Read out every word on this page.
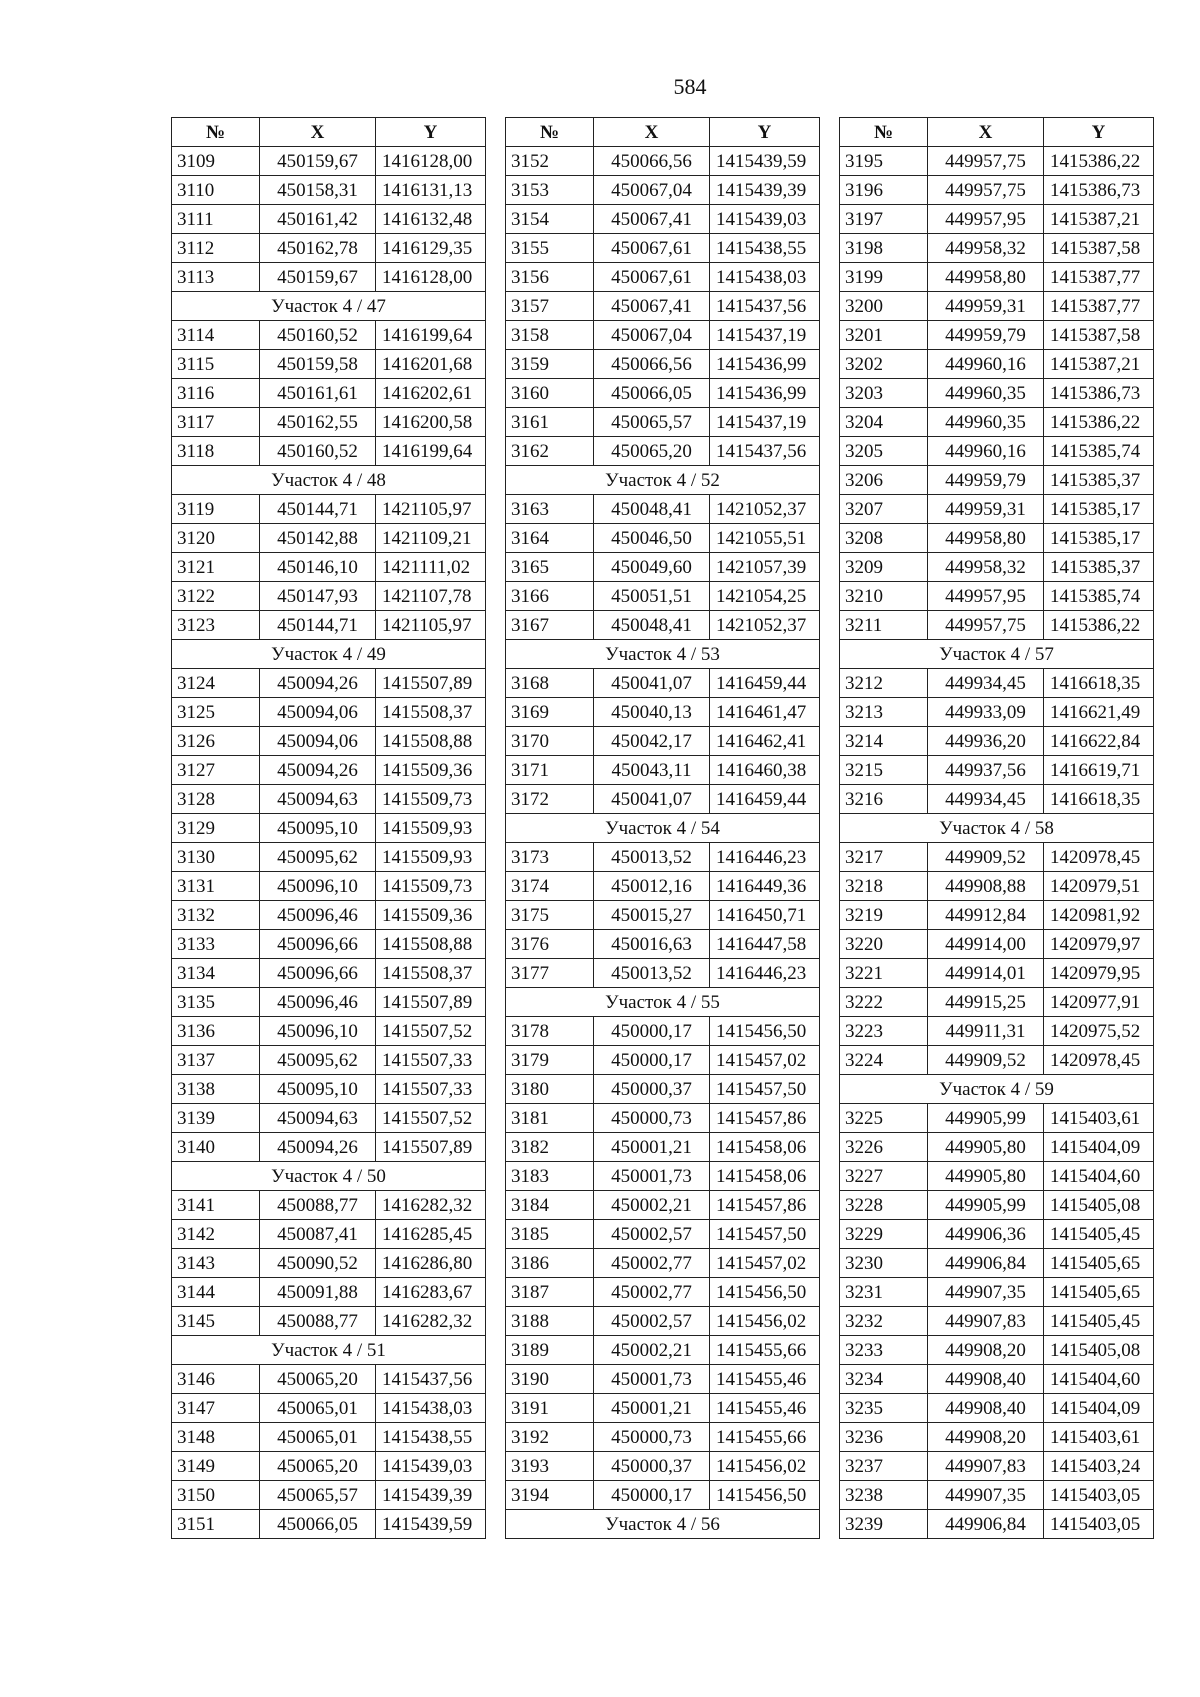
584
№	X	Y
3109	450159,67	1416128,00
3110	450158,31	1416131,13
3111	450161,42	1416132,48
3112	450162,78	1416129,35
3113	450159,67	1416128,00
Участок 4 / 47		
3114	450160,52	1416199,64
3115	450159,58	1416201,68
3116	450161,61	1416202,61
3117	450162,55	1416200,58
3118	450160,52	1416199,64
Участок 4 / 48		
3119	450144,71	1421105,97
3120	450142,88	1421109,21
3121	450146,10	1421111,02
3122	450147,93	1421107,78
3123	450144,71	1421105,97
Участок 4 / 49		
3124	450094,26	1415507,89
3125	450094,06	1415508,37
3126	450094,06	1415508,88
3127	450094,26	1415509,36
3128	450094,63	1415509,73
3129	450095,10	1415509,93
3130	450095,62	1415509,93
3131	450096,10	1415509,73
3132	450096,46	1415509,36
3133	450096,66	1415508,88
3134	450096,66	1415508,37
3135	450096,46	1415507,89
3136	450096,10	1415507,52
3137	450095,62	1415507,33
3138	450095,10	1415507,33
3139	450094,63	1415507,52
3140	450094,26	1415507,89
Участок 4 / 50		
3141	450088,77	1416282,32
3142	450087,41	1416285,45
3143	450090,52	1416286,80
3144	450091,88	1416283,67
3145	450088,77	1416282,32
Участок 4 / 51		
3146	450065,20	1415437,56
3147	450065,01	1415438,03
3148	450065,01	1415438,55
3149	450065,20	1415439,03
3150	450065,57	1415439,39
3151	450066,05	1415439,59
№	X	Y
3152	450066,56	1415439,59
3153	450067,04	1415439,39
3154	450067,41	1415439,03
3155	450067,61	1415438,55
3156	450067,61	1415438,03
3157	450067,41	1415437,56
3158	450067,04	1415437,19
3159	450066,56	1415436,99
3160	450066,05	1415436,99
3161	450065,57	1415437,19
3162	450065,20	1415437,56
Участок 4 / 52		
3163	450048,41	1421052,37
3164	450046,50	1421055,51
3165	450049,60	1421057,39
3166	450051,51	1421054,25
3167	450048,41	1421052,37
Участок 4 / 53		
3168	450041,07	1416459,44
3169	450040,13	1416461,47
3170	450042,17	1416462,41
3171	450043,11	1416460,38
3172	450041,07	1416459,44
Участок 4 / 54		
3173	450013,52	1416446,23
3174	450012,16	1416449,36
3175	450015,27	1416450,71
3176	450016,63	1416447,58
3177	450013,52	1416446,23
Участок 4 / 55		
3178	450000,17	1415456,50
3179	450000,17	1415457,02
3180	450000,37	1415457,50
3181	450000,73	1415457,86
3182	450001,21	1415458,06
3183	450001,73	1415458,06
3184	450002,21	1415457,86
3185	450002,57	1415457,50
3186	450002,77	1415457,02
3187	450002,77	1415456,50
3188	450002,57	1415456,02
3189	450002,21	1415455,66
3190	450001,73	1415455,46
3191	450001,21	1415455,46
3192	450000,73	1415455,66
3193	450000,37	1415456,02
3194	450000,17	1415456,50
Участок 4 / 56		
№	X	Y
3195	449957,75	1415386,22
3196	449957,75	1415386,73
3197	449957,95	1415387,21
3198	449958,32	1415387,58
3199	449958,80	1415387,77
3200	449959,31	1415387,77
3201	449959,79	1415387,58
3202	449960,16	1415387,21
3203	449960,35	1415386,73
3204	449960,35	1415386,22
3205	449960,16	1415385,74
3206	449959,79	1415385,37
3207	449959,31	1415385,17
3208	449958,80	1415385,17
3209	449958,32	1415385,37
3210	449957,95	1415385,74
3211	449957,75	1415386,22
Участок 4 / 57		
3212	449934,45	1416618,35
3213	449933,09	1416621,49
3214	449936,20	1416622,84
3215	449937,56	1416619,71
3216	449934,45	1416618,35
Участок 4 / 58		
3217	449909,52	1420978,45
3218	449908,88	1420979,51
3219	449912,84	1420981,92
3220	449914,00	1420979,97
3221	449914,01	1420979,95
3222	449915,25	1420977,91
3223	449911,31	1420975,52
3224	449909,52	1420978,45
Участок 4 / 59		
3225	449905,99	1415403,61
3226	449905,80	1415404,09
3227	449905,80	1415404,60
3228	449905,99	1415405,08
3229	449906,36	1415405,45
3230	449906,84	1415405,65
3231	449907,35	1415405,65
3232	449907,83	1415405,45
3233	449908,20	1415405,08
3234	449908,40	1415404,60
3235	449908,40	1415404,09
3236	449908,20	1415403,61
3237	449907,83	1415403,24
3238	449907,35	1415403,05
3239	449906,84	1415403,05
